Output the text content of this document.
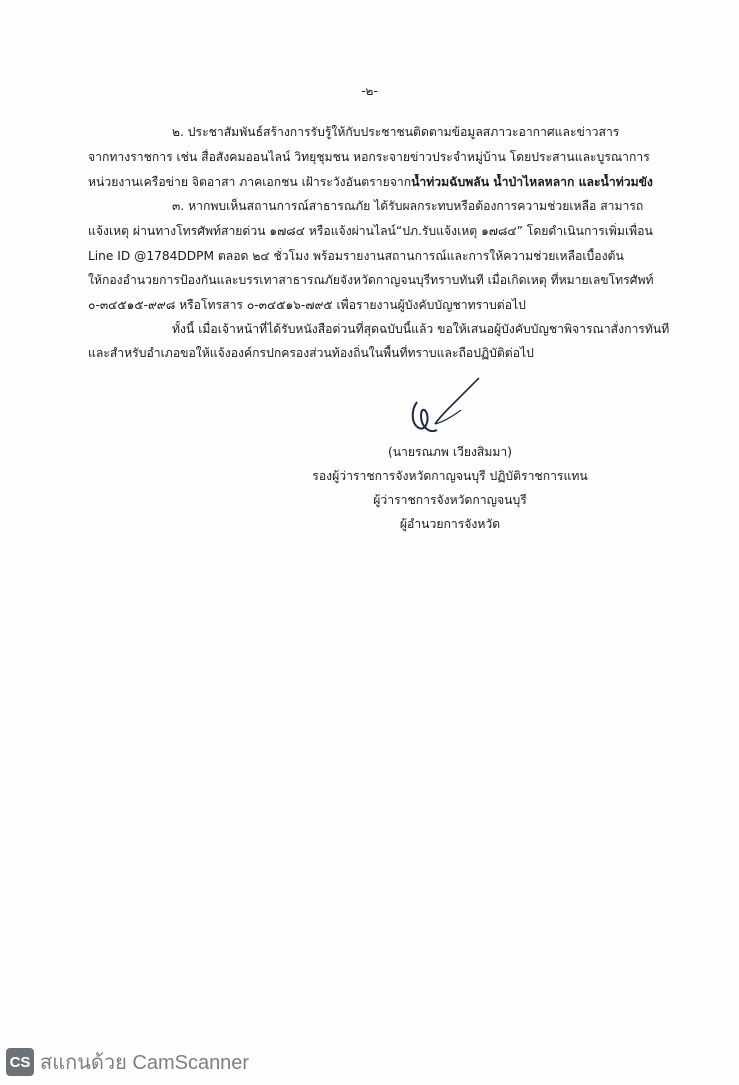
-๒-
๒. ประชาสัมพันธ์สร้างการรับรู้ให้กับประชาชนติดตามข้อมูลสภาวะอากาศและข่าวสาร
จากทางราชการ เช่น สื่อสังคมออนไลน์ วิทยุชุมชน หอกระจายข่าวประจำหมู่บ้าน โดยประสานและบูรณาการ
หน่วยงานเครือข่าย จิตอาสา ภาคเอกชน เฝ้าระวังอันตรายจากน้ำท่วมฉับพลัน น้ำป่าไหลหลาก และน้ำท่วมขัง
๓. หากพบเห็นสถานการณ์สาธารณภัย ได้รับผลกระทบหรือต้องการความช่วยเหลือ สามารถ
แจ้งเหตุ ผ่านทางโทรศัพท์สายด่วน ๑๗๘๔ หรือแจ้งผ่านไลน์“ปภ.รับแจ้งเหตุ ๑๗๘๔” โดยดำเนินการเพิ่มเพื่อน
Line ID @1784DDPM ตลอด ๒๔ ชั่วโมง พร้อมรายงานสถานการณ์และการให้ความช่วยเหลือเบื้องต้น
ให้กองอำนวยการป้องกันและบรรเทาสาธารณภัยจังหวัดกาญจนบุรีทราบทันที เมื่อเกิดเหตุ ที่หมายเลขโทรศัพท์
๐-๓๔๕๑๕-๙๙๘ หรือโทรสาร ๐-๓๔๕๑๖-๗๙๕ เพื่อรายงานผู้บังคับบัญชาทราบต่อไป
ทั้งนี้ เมื่อเจ้าหน้าที่ได้รับหนังสือด่วนที่สุดฉบับนี้แล้ว ขอให้เสนอผู้บังคับบัญชาพิจารณาสั่งการทันที
และสำหรับอำเภอขอให้แจ้งองค์กรปกครองส่วนท้องถิ่นในพื้นที่ทราบและถือปฏิบัติต่อไป
(นายรณภพ เวียงสิมมา)
รองผู้ว่าราชการจังหวัดกาญจนบุรี ปฏิบัติราชการแทน
ผู้ว่าราชการจังหวัดกาญจนบุรี
ผู้อำนวยการจังหวัด
CS สแกนด้วย CamScanner
